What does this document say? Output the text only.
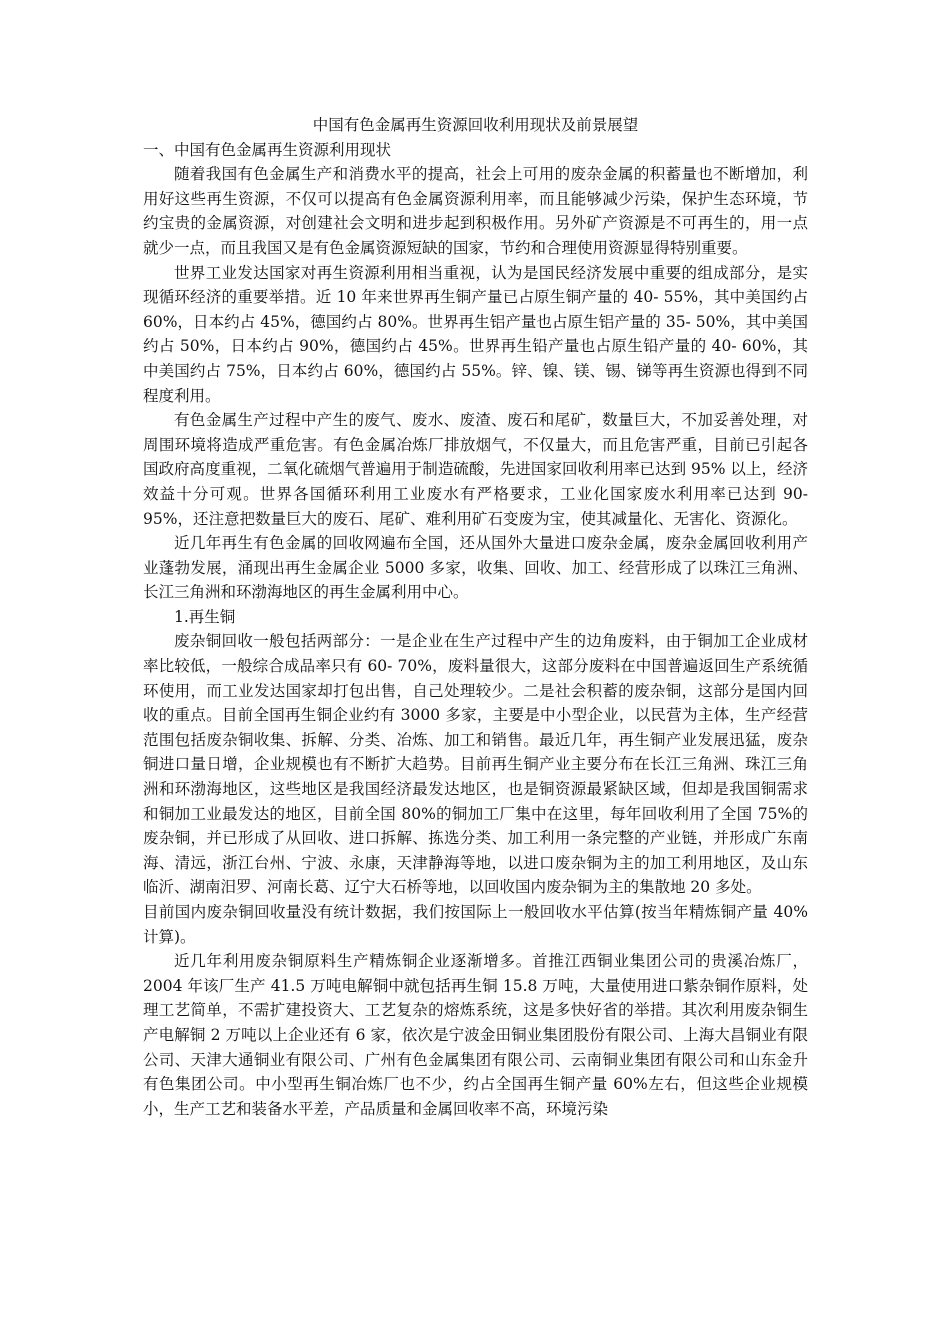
中国有色金属再生资源回收利用现状及前景展望

一、中国有色金属再生资源利用现状

随着我国有色金属生产和消费水平的提高，社会上可用的废杂金属的积蓄量也不断增加，利用好这些再生资源，不仅可以提高有色金属资源利用率，而且能够减少污染，保护生态环境，节约宝贵的金属资源，对创建社会文明和进步起到积极作用。另外矿产资源是不可再生的，用一点就少一点，而且我国又是有色金属资源短缺的国家，节约和合理使用资源显得特别重要。

世界工业发达国家对再生资源利用相当重视，认为是国民经济发展中重要的组成部分，是实现循环经济的重要举措。近 10 年来世界再生铜产量已占原生铜产量的 40- 55%，其中美国约占 60%，日本约占 45%，德国约占 80%。世界再生铝产量也占原生铝产量的 35- 50%，其中美国约占 50%，日本约占 90%，德国约占 45%。世界再生铅产量也占原生铅产量的 40- 60%，其中美国约占 75%，日本约占 60%，德国约占 55%。锌、镍、镁、锡、锑等再生资源也得到不同程度利用。

有色金属生产过程中产生的废气、废水、废渣、废石和尾矿，数量巨大，不加妥善处理，对周围环境将造成严重危害。有色金属冶炼厂排放烟气，不仅量大，而且危害严重，目前已引起各国政府高度重视，二氧化硫烟气普遍用于制造硫酸，先进国家回收利用率已达到 95% 以上，经济效益十分可观。世界各国循环利用工业废水有严格要求，工业化国家废水利用率已达到 90-95%，还注意把数量巨大的废石、尾矿、难利用矿石变废为宝，使其减量化、无害化、资源化。

近几年再生有色金属的回收网遍布全国，还从国外大量进口废杂金属，废杂金属回收利用产业蓬勃发展，涌现出再生金属企业 5000 多家，收集、回收、加工、经营形成了以珠江三角洲、长江三角洲和环渤海地区的再生金属利用中心。

1.再生铜

废杂铜回收一般包括两部分：一是企业在生产过程中产生的边角废料，由于铜加工企业成材率比较低，一般综合成品率只有 60- 70%，废料量很大，这部分废料在中国普遍返回生产系统循环使用，而工业发达国家却打包出售，自己处理较少。二是社会积蓄的废杂铜，这部分是国内回收的重点。目前全国再生铜企业约有 3000 多家，主要是中小型企业，以民营为主体，生产经营范围包括废杂铜收集、拆解、分类、冶炼、加工和销售。最近几年，再生铜产业发展迅猛，废杂铜进口量日增，企业规模也有不断扩大趋势。目前再生铜产业主要分布在长江三角洲、珠江三角洲和环渤海地区，这些地区是我国经济最发达地区，也是铜资源最紧缺区域，但却是我国铜需求和铜加工业最发达的地区，目前全国 80%的铜加工厂集中在这里，每年回收利用了全国 75%的废杂铜，并已形成了从回收、进口拆解、拣选分类、加工利用一条完整的产业链，并形成广东南海、清远，浙江台州、宁波、永康，天津静海等地，以进口废杂铜为主的加工利用地区，及山东临沂、湖南汨罗、河南长葛、辽宁大石桥等地，以回收国内废杂铜为主的集散地 20 多处。

目前国内废杂铜回收量没有统计数据，我们按国际上一般回收水平估算(按当年精炼铜产量 40%计算)。

近几年利用废杂铜原料生产精炼铜企业逐渐增多。首推江西铜业集团公司的贵溪冶炼厂，2004 年该厂生产 41.5 万吨电解铜中就包括再生铜 15.8 万吨，大量使用进口紫杂铜作原料，处理工艺简单，不需扩建投资大、工艺复杂的熔炼系统，这是多快好省的举措。其次利用废杂铜生产电解铜 2 万吨以上企业还有 6 家，依次是宁波金田铜业集团股份有限公司、上海大昌铜业有限公司、天津大通铜业有限公司、广州有色金属集团有限公司、云南铜业集团有限公司和山东金升有色集团公司。中小型再生铜冶炼厂也不少，约占全国再生铜产量 60%左右，但这些企业规模小，生产工艺和装备水平差，产品质量和金属回收率不高，环境污染
